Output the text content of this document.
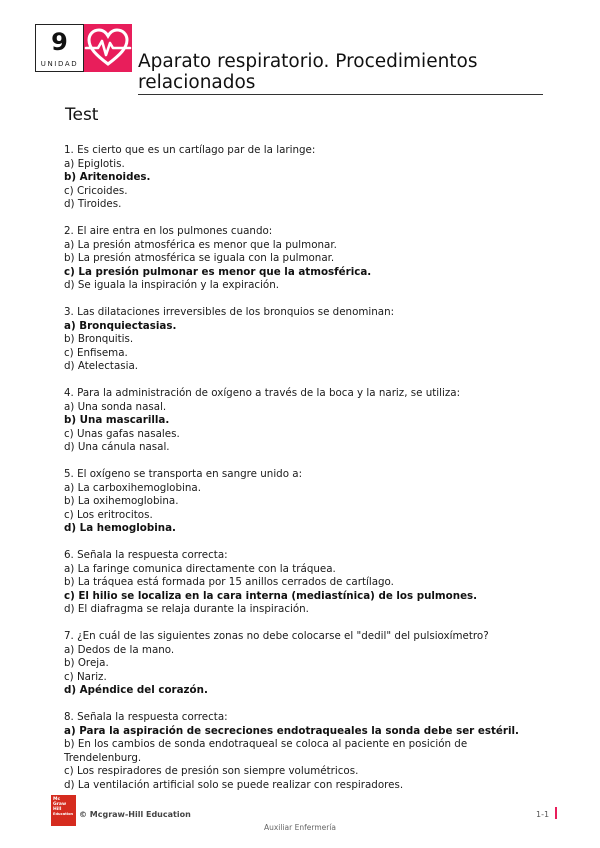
9
UNIDAD	Aparato respiratorio. Procedimientos
relacionados
Test

1. Es cierto que es un cartílago par de la laringe:

a) Epiglotis.

b) Aritenoides.

c) Cricoides.

d) Tiroides.

2. El aire entra en los pulmones cuando:

a) La presión atmosférica es menor que la pulmonar.

b) La presión atmosférica se iguala con la pulmonar.

c) La presión pulmonar es menor que la atmosférica.

d) Se iguala la inspiración y la expiración.

3. Las dilataciones irreversibles de los bronquios se denominan:

a) Bronquiectasias.

b) Bronquitis.

c) Enfisema.

d) Atelectasia.

4. Para la administración de oxígeno a través de la boca y la nariz, se utiliza:

a) Una sonda nasal.

b) Una mascarilla.

c) Unas gafas nasales.

d) Una cánula nasal.

5. El oxígeno se transporta en sangre unido a:

a) La carboxihemoglobina.

b) La oxihemoglobina.

c) Los eritrocitos.

d) La hemoglobina.

6. Señala la respuesta correcta:

a) La faringe comunica directamente con la tráquea.

b) La tráquea está formada por 15 anillos cerrados de cartílago.

c) El hilio se localiza en la cara interna (mediastínica) de los pulmones.

d) El diafragma se relaja durante la inspiración.

7. ¿En cuál de las siguientes zonas no debe colocarse el "dedil" del pulsioxímetro?

a) Dedos de la mano.

b) Oreja.

c) Nariz.

d) Apéndice del corazón.

8. Señala la respuesta correcta:

a) Para la aspiración de secreciones endotraqueales la sonda debe ser estéril.

b) En los cambios de sonda endotraqueal se coloca al paciente en posición de Trendelenburg.

c) Los respiradores de presión son siempre volumétricos.

d) La ventilación artificial solo se puede realizar con respiradores.

Mc
Graw
Hill
Education © Mcgraw-Hill Education	1-1
Auxiliar Enfermería
